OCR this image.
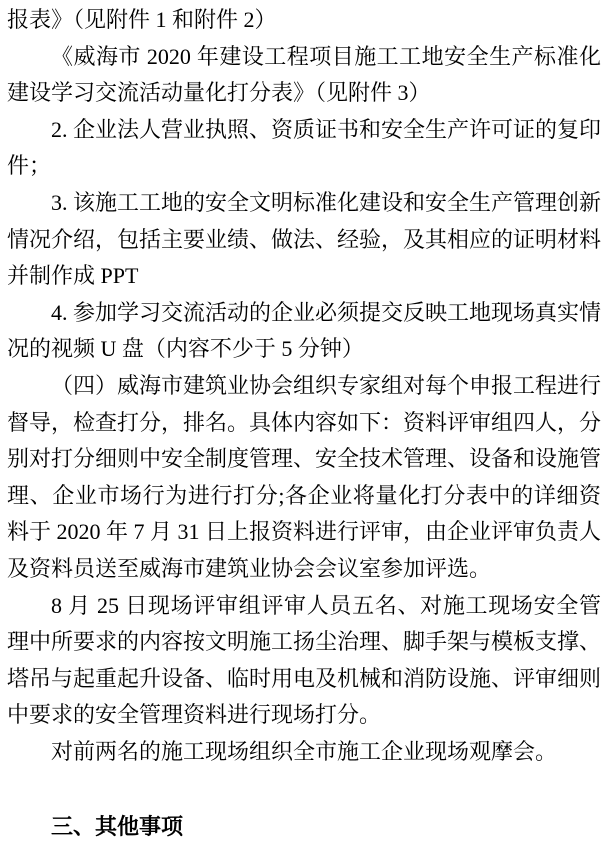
报表》（见附件 1 和附件 2）

《威海市 2020 年建设工程项目施工工地安全生产标准化建设学习交流活动量化打分表》（见附件 3）

2. 企业法人营业执照、资质证书和安全生产许可证的复印件；

3. 该施工工地的安全文明标准化建设和安全生产管理创新情况介绍，包括主要业绩、做法、经验，及其相应的证明材料并制作成 PPT

4. 参加学习交流活动的企业必须提交反映工地现场真实情况的视频 U 盘（内容不少于 5 分钟）

（四）威海市建筑业协会组织专家组对每个申报工程进行督导，检查打分，排名。具体内容如下：资料评审组四人，分别对打分细则中安全制度管理、安全技术管理、设备和设施管理、企业市场行为进行打分;各企业将量化打分表中的详细资料于 2020 年 7 月 31 日上报资料进行评审，由企业评审负责人及资料员送至威海市建筑业协会会议室参加评选。

8 月 25 日现场评审组评审人员五名、对施工现场安全管理中所要求的内容按文明施工扬尘治理、脚手架与模板支撑、塔吊与起重起升设备、临时用电及机械和消防设施、评审细则中要求的安全管理资料进行现场打分。

对前两名的施工现场组织全市施工企业现场观摩会。

三、其他事项
